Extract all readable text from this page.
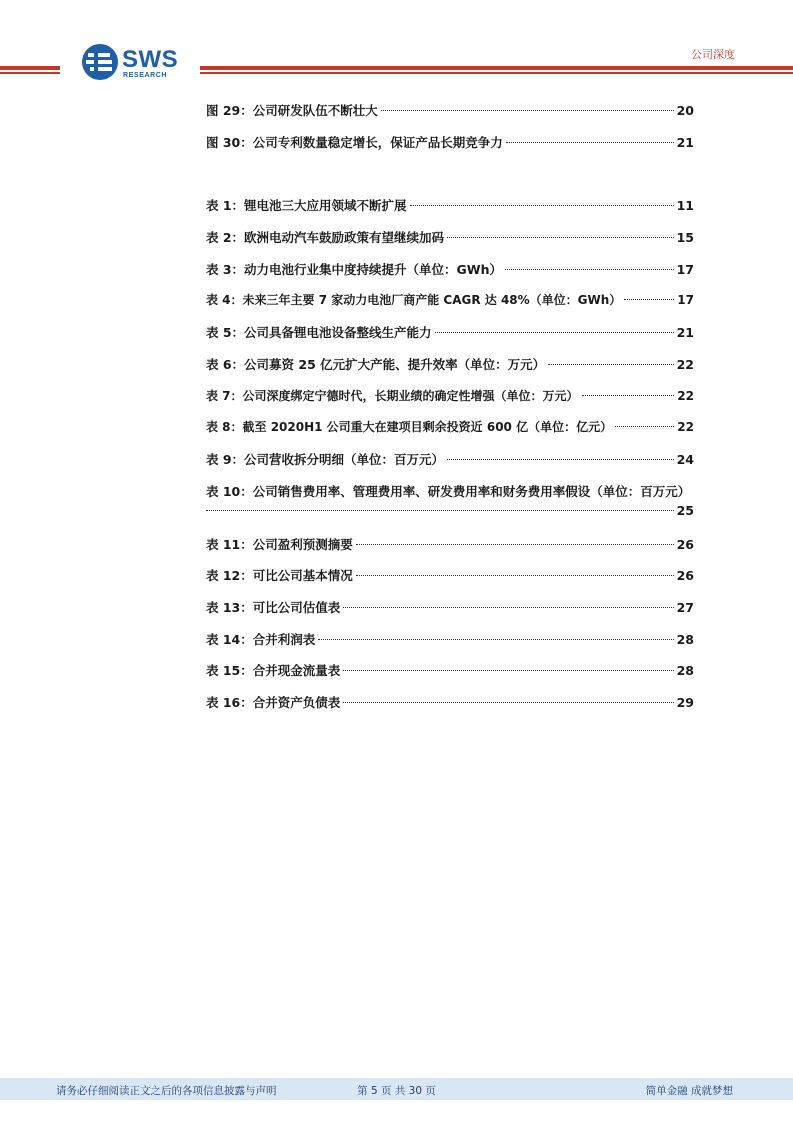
SWS
RESEARCH
公司深度
图 29：公司研发队伍不断壮大	20
图 30：公司专利数量稳定增长，保证产品长期竞争力	21
表 1：锂电池三大应用领域不断扩展	11
表 2：欧洲电动汽车鼓励政策有望继续加码	15
表 3：动力电池行业集中度持续提升（单位：GWh）	17
表 4：未来三年主要 7 家动力电池厂商产能 CAGR 达 48%（单位：GWh）	17
表 5：公司具备锂电池设备整线生产能力	21
表 6：公司募资 25 亿元扩大产能、提升效率（单位：万元）	22
表 7：公司深度绑定宁德时代，长期业绩的确定性增强（单位：万元）	22
表 8：截至 2020H1 公司重大在建项目剩余投资近 600 亿（单位：亿元）	22
表 9：公司营收拆分明细（单位：百万元）	24
表 10：公司销售费用率、管理费用率、研发费用率和财务费用率假设（单位：百万元）
25
表 11：公司盈利预测摘要	26
表 12：可比公司基本情况	26
表 13：可比公司估值表	27
表 14：合并利润表	28
表 15：合并现金流量表	28
表 16：合并资产负债表	29
请务必仔细阅读正文之后的各项信息披露与声明	第 5 页 共 30 页	简单金融 成就梦想
